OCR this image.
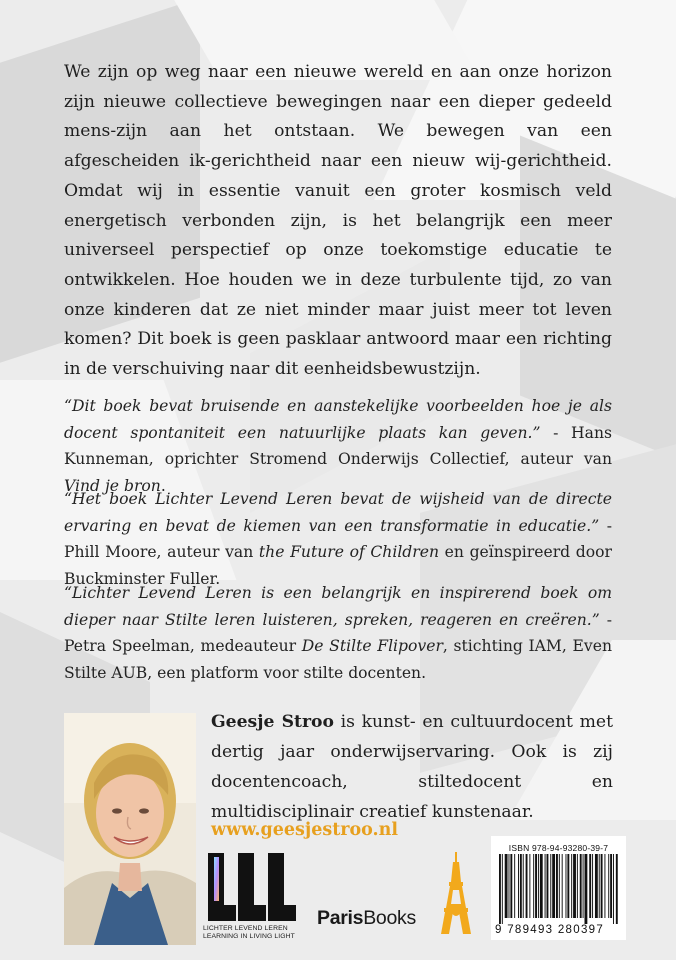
We zijn op weg naar een nieuwe wereld en aan onze horizon zijn nieuwe collectieve bewegingen naar een dieper gedeeld mens-zijn aan het ontstaan. We bewegen van een afgescheiden ik-gerichtheid naar een nieuw wij-gerichtheid. Omdat wij in essentie vanuit een groter kosmisch veld energetisch verbonden zijn, is het belangrijk een meer universeel perspectief op onze toekomstige educatie te ontwikkelen. Hoe houden we in deze turbulente tijd, zo van onze kinderen dat ze niet minder maar juist meer tot leven komen? Dit boek is geen pasklaar antwoord maar een richting in de verschuiving naar dit eenheidsbewustzijn.

“Dit boek bevat bruisende en aanstekelijke voorbeelden hoe je als docent spontaniteit een natuurlijke plaats kan geven.” - Hans Kunneman, oprichter Stromend Onderwijs Collectief, auteur van Vind je bron.
“Het boek Lichter Levend Leren bevat de wijsheid van de directe ervaring en bevat de kiemen van een transformatie in educatie.” - Phill Moore, auteur van the Future of Children en geïnspireerd door Buckminster Fuller.
“Lichter Levend Leren is een belangrijk en inspirerend boek om dieper naar Stilte leren luisteren, spreken, reageren en creëren.” - Petra Speelman, medeauteur De Stilte Flipover, stichting IAM, Even Stilte AUB, een platform voor stilte docenten.
Geesje Stroo is kunst- en cultuurdocent met dertig jaar onderwijservaring. Ook is zij docentencoach, stiltedocent en multidisciplinair creatief kunstenaar.
www.geesjestroo.nl
LICHTER LEVEND LEREN
LEARNING IN LIVING LIGHT
ParisBooks
ISBN 978-94-93280-39-7
9 789493 280397
